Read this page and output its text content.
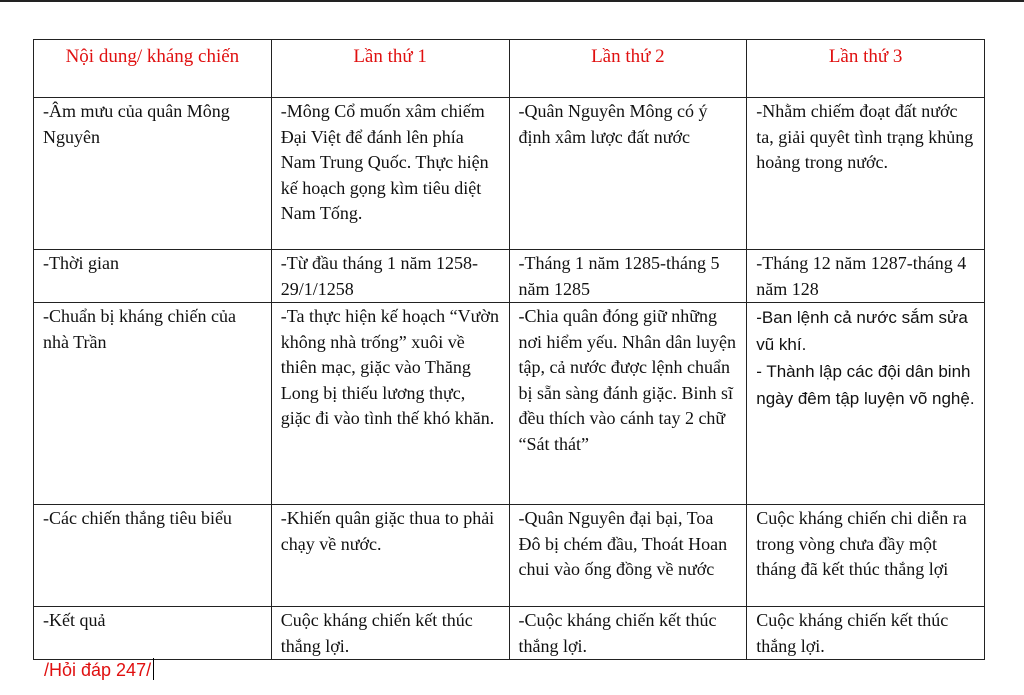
Nội dung/ kháng chiến	Lần thứ 1	Lần thứ 2	Lần thứ 3
-Âm mưu của quân Mông Nguyên	-Mông Cổ muốn xâm chiếm Đại Việt để đánh lên phía Nam Trung Quốc. Thực hiện kế hoạch gọng kìm tiêu diệt Nam Tống.	-Quân Nguyên Mông có ý định xâm lược đất nước	-Nhằm chiếm đoạt đất nước ta, giải quyêt tình trạng khủng hoảng trong nước.
-Thời gian	-Từ đầu tháng 1 năm 1258-29/1/1258	-Tháng 1 năm 1285-tháng 5 năm 1285	-Tháng 12 năm 1287-tháng 4 năm 128
-Chuẩn bị kháng chiến của nhà Trần	-Ta thực hiện kế hoạch “Vườn không nhà trống” xuôi về thiên mạc, giặc vào Thăng Long bị thiếu lương thực, giặc đi vào tình thế khó khăn.	-Chia quân đóng giữ những nơi hiểm yếu. Nhân dân luyện tập, cả nước được lệnh chuẩn bị sẵn sàng đánh giặc. Binh sĩ đều thích vào cánh tay 2 chữ “Sát thát”	-Ban lệnh cả nước sắm sửa vũ khí.
- Thành lập các đội dân binh ngày đêm tập luyện võ nghệ.

-Các chiến thắng tiêu biểu	-Khiến quân giặc thua to phải chạy về nước.	-Quân Nguyên đại bại, Toa Đô bị chém đầu, Thoát Hoan chui vào ống đồng về nước	Cuộc kháng chiến chi diễn ra trong vòng chưa đầy một tháng đã kết thúc thắng lợi
-Kết quả	Cuộc kháng chiến kết thúc thắng lợi.	-Cuộc kháng chiến kết thúc thắng lợi.	Cuộc kháng chiến kết thúc thắng lợi.
/Hỏi đáp 247/
